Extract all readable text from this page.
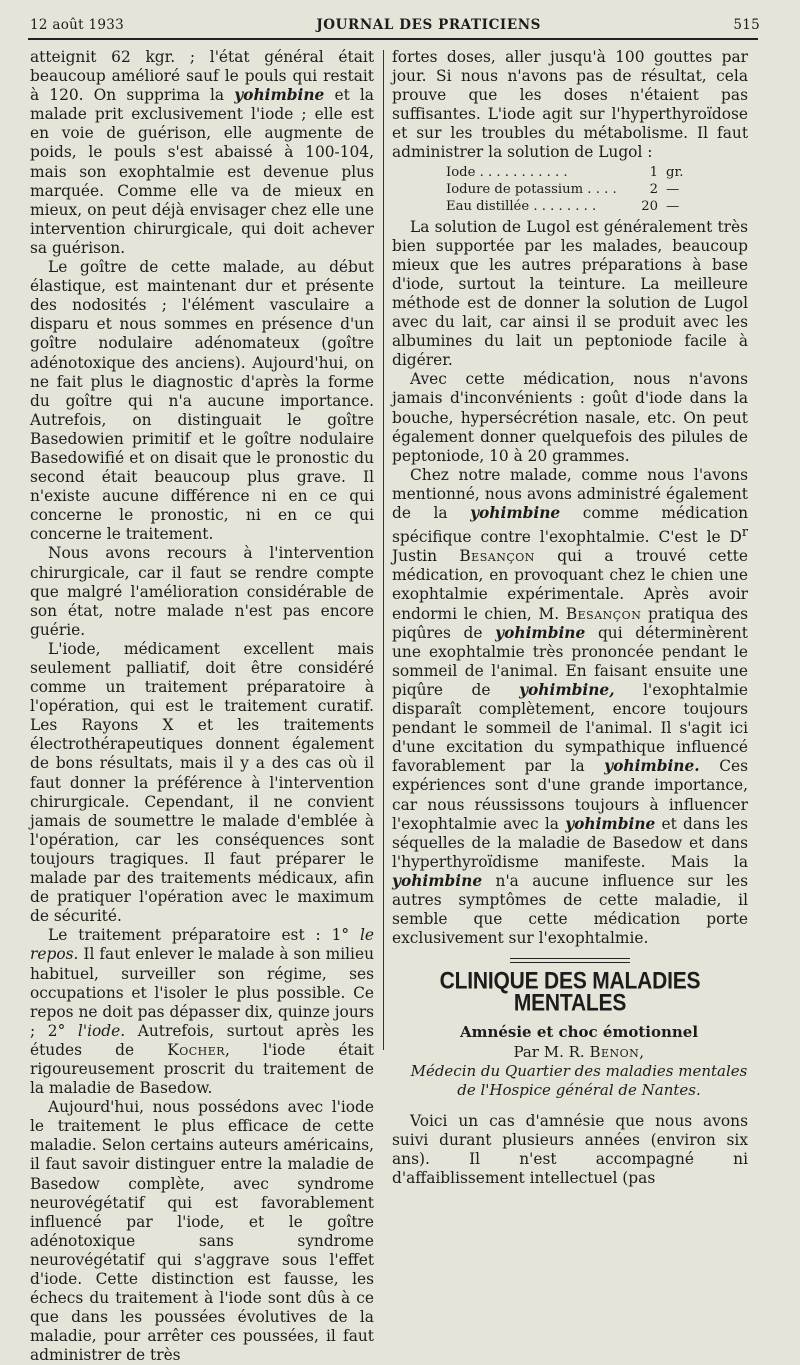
12 août 1933	JOURNAL DES PRATICIENS	515

atteignit 62 kgr. ; l'état général était beaucoup amélioré sauf le pouls qui restait à 120. On supprima la yohimbine et la malade prit exclusivement l'iode ; elle est en voie de guérison, elle augmente de poids, le pouls s'est abaissé à 100-104, mais son exophtalmie est devenue plus marquée. Comme elle va de mieux en mieux, on peut déjà envisager chez elle une intervention chirurgicale, qui doit achever sa guérison.

Le goître de cette malade, au début élastique, est maintenant dur et présente des nodosités ; l'élément vasculaire a disparu et nous sommes en présence d'un goître nodulaire adénomateux (goître adénotoxique des anciens). Aujourd'hui, on ne fait plus le diagnostic d'après la forme du goître qui n'a aucune importance. Autrefois, on distinguait le goître Basedowien primitif et le goître nodulaire Basedowifié et on disait que le pronostic du second était beaucoup plus grave. Il n'existe aucune différence ni en ce qui concerne le pronostic, ni en ce qui concerne le traitement.

Nous avons recours à l'intervention chirurgicale, car il faut se rendre compte que malgré l'amélioration considérable de son état, notre malade n'est pas encore guérie.

L'iode, médicament excellent mais seulement palliatif, doit être considéré comme un traitement préparatoire à l'opération, qui est le traitement curatif. Les Rayons X et les traitements électrothérapeutiques donnent également de bons résultats, mais il y a des cas où il faut donner la préférence à l'intervention chirurgicale. Cependant, il ne convient jamais de soumettre le malade d'emblée à l'opération, car les conséquences sont toujours tragiques. Il faut préparer le malade par des traitements médicaux, afin de pratiquer l'opération avec le maximum de sécurité.

Le traitement préparatoire est : 1° le repos. Il faut enlever le malade à son milieu habituel, surveiller son régime, ses occupations et l'isoler le plus possible. Ce repos ne doit pas dépasser dix, quinze jours ; 2° l'iode. Autrefois, surtout après les études de Kocher, l'iode était rigoureusement proscrit du traitement de la maladie de Basedow.

Aujourd'hui, nous possédons avec l'iode le traitement le plus efficace de cette maladie. Selon certains auteurs américains, il faut savoir distinguer entre la maladie de Basedow complète, avec syndrome neurovégétatif qui est favorablement influencé par l'iode, et le goître adénotoxique sans syndrome neurovégétatif qui s'aggrave sous l'effet d'iode. Cette distinction est fausse, les échecs du traitement à l'iode sont dûs à ce que dans les poussées évolutives de la maladie, pour arrêter ces poussées, il faut administrer de très

fortes doses, aller jusqu'à 100 gouttes par jour. Si nous n'avons pas de résultat, cela prouve que les doses n'étaient pas suffisantes. L'iode agit sur l'hyperthyroïdose et sur les troubles du métabolisme. Il faut administrer la solution de Lugol :

Iode . . . . . . . . . . .	1 gr.
Iodure de potassium . . . .	2 —
Eau distillée . . . . . . . .	20 —

La solution de Lugol est généralement très bien supportée par les malades, beaucoup mieux que les autres préparations à base d'iode, surtout la teinture. La meilleure méthode est de donner la solution de Lugol avec du lait, car ainsi il se produit avec les albumines du lait un peptoniode facile à digérer.

Avec cette médication, nous n'avons jamais d'inconvénients : goût d'iode dans la bouche, hypersécrétion nasale, etc. On peut également donner quelquefois des pilules de peptoniode, 10 à 20 grammes.

Chez notre malade, comme nous l'avons mentionné, nous avons administré également de la yohimbine comme médication spécifique contre l'exophtalmie. C'est le $D^r$ Justin Besançon qui a trouvé cette médication, en provoquant chez le chien une exophtalmie expérimentale. Après avoir endormi le chien, M. Besançon pratiqua des piqûres de yohimbine qui déterminèrent une exophtalmie très prononcée pendant le sommeil de l'animal. En faisant ensuite une piqûre de yohimbine, l'exophtalmie disparaît complètement, encore toujours pendant le sommeil de l'animal. Il s'agit ici d'une excitation du sympathique influencé favorablement par la yohimbine. Ces expériences sont d'une grande importance, car nous réussissons toujours à influencer l'exophtalmie avec la yohimbine et dans les séquelles de la maladie de Basedow et dans l'hyperthyroïdisme manifeste. Mais la yohimbine n'a aucune influence sur les autres symptômes de cette maladie, il semble que cette médication porte exclusivement sur l'exophtalmie.

CLINIQUE DES MALADIES MENTALES

Amnésie et choc émotionnel

Par M. R. Benon,

Médecin du Quartier des maladies mentales

de l'Hospice général de Nantes.

Voici un cas d'amnésie que nous avons suivi durant plusieurs années (environ six ans). Il n'est accompagné ni d'affaiblissement intellectuel (pas
